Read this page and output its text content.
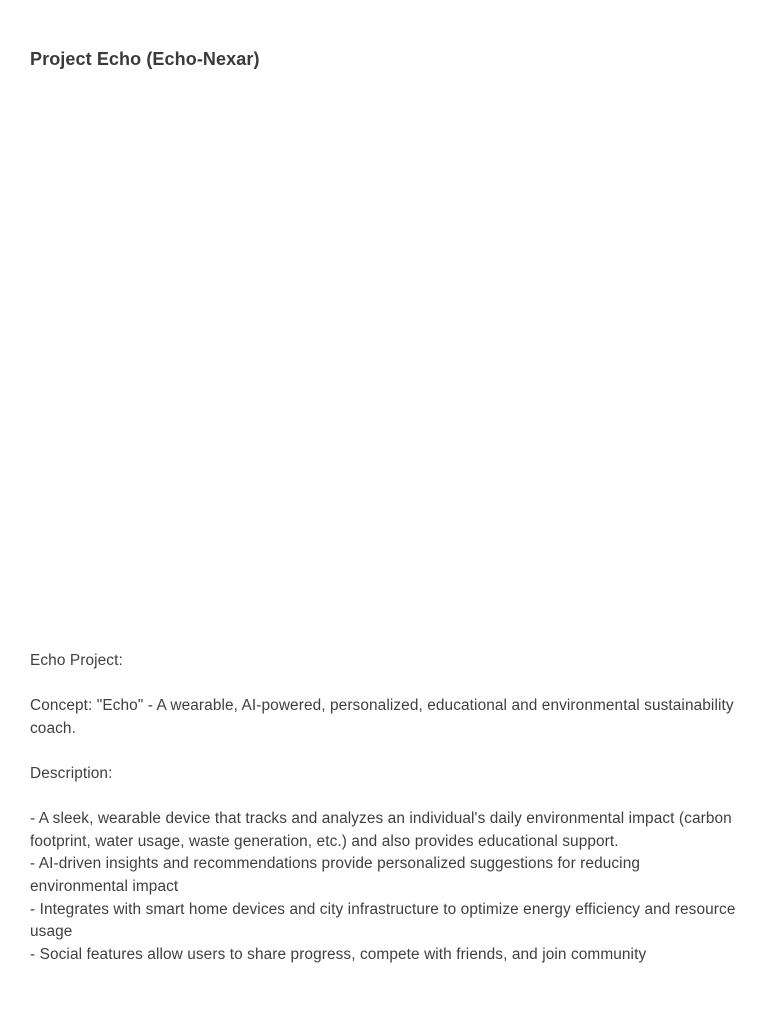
Project Echo (Echo-Nexar)

Echo Project:

Concept: "Echo" - A wearable, AI-powered, personalized, educational and environmental sustainability coach.

Description:

- A sleek, wearable device that tracks and analyzes an individual's daily environmental impact (carbon footprint, water usage, waste generation, etc.) and also provides educational support.
- AI-driven insights and recommendations provide personalized suggestions for reducing environmental impact
- Integrates with smart home devices and city infrastructure to optimize energy efficiency and resource usage
- Social features allow users to share progress, compete with friends, and join community
